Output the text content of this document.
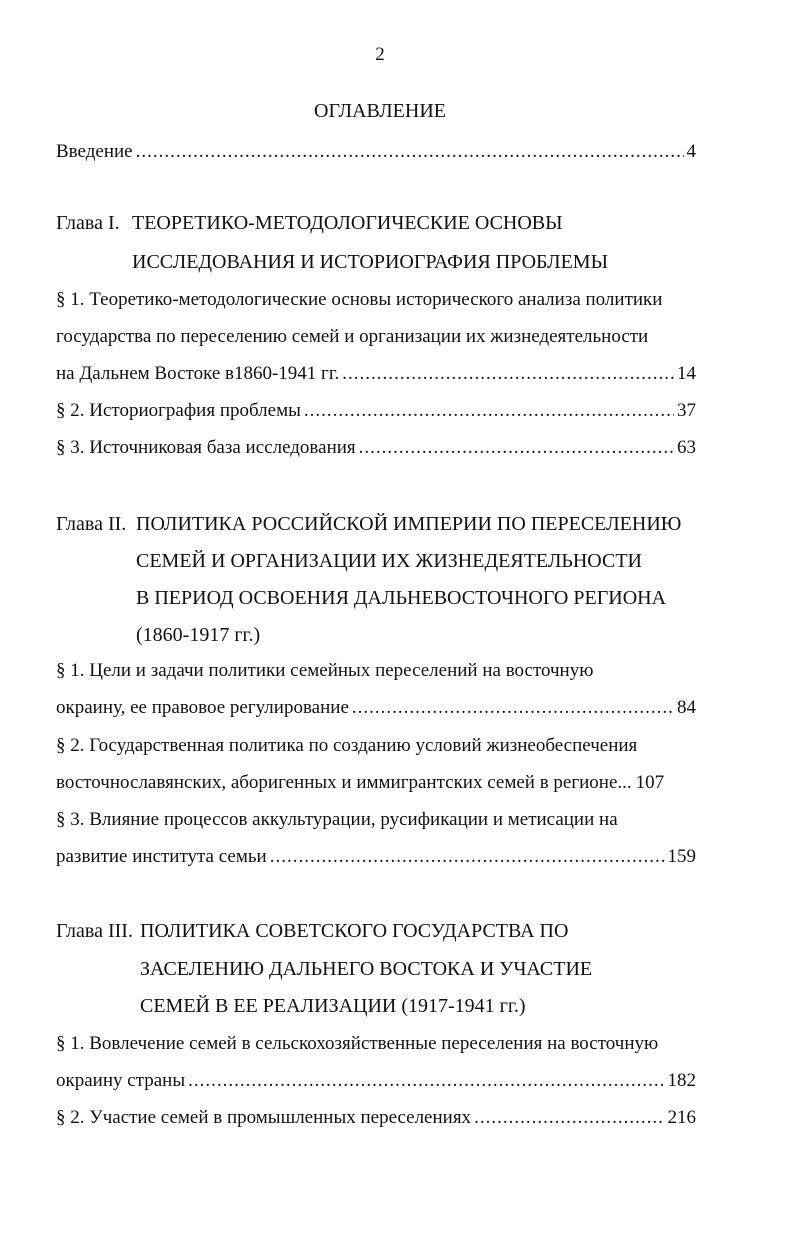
2
ОГЛАВЛЕНИЕ
Введение .....	4
Глава I. ТЕОРЕТИКО-МЕТОДОЛОГИЧЕСКИЕ ОСНОВЫ
ИССЛЕДОВАНИЯ И ИСТОРИОГРАФИЯ ПРОБЛЕМЫ
§ 1. Теоретико-методологические основы исторического анализа политики
государства по переселению семей и организации их жизнедеятельности
на Дальнем Востоке в1860-1941 гг. .....	14
§ 2. Историография проблемы .....	37
§ 3. Источниковая база исследования .....	63
Глава II. ПОЛИТИКА РОССИЙСКОЙ ИМПЕРИИ ПО ПЕРЕСЕЛЕНИЮ
СЕМЕЙ И ОРГАНИЗАЦИИ ИХ ЖИЗНЕДЕЯТЕЛЬНОСТИ
В ПЕРИОД ОСВОЕНИЯ ДАЛЬНЕВОСТОЧНОГО РЕГИОНА
(1860-1917 гг.)
§ 1. Цели и задачи политики семейных переселений на восточную
окраину, ее правовое регулирование .....	84
§ 2. Государственная политика по созданию условий жизнеобеспечения
восточнославянских, аборигенных и иммигрантских семей в регионе... 107
§ 3. Влияние процессов аккультурации, русификации и метисации на
развитие института семьи .....	159
Глава III. ПОЛИТИКА СОВЕТСКОГО ГОСУДАРСТВА ПО
ЗАСЕЛЕНИЮ ДАЛЬНЕГО ВОСТОКА И УЧАСТИЕ
СЕМЕЙ В ЕЕ РЕАЛИЗАЦИИ (1917-1941 гг.)
§ 1. Вовлечение семей в сельскохозяйственные переселения на восточную
окраину страны .....	182
§ 2. Участие семей в промышленных переселениях .....	216
